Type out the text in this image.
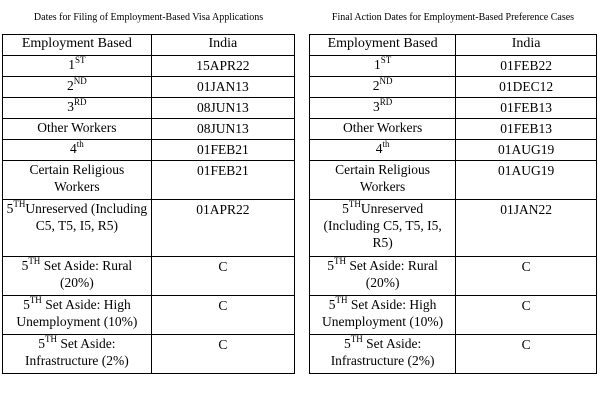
Dates for Filing of Employment-Based Visa Applications
Employment Based	India
1ST	15APR22
2ND	01JAN13
3RD	08JUN13
Other Workers	08JUN13
4th	01FEB21
Certain Religious Workers	01FEB21
5THUnreserved (Including C5, T5, I5, R5)	01APR22
5TH Set Aside: Rural (20%)	C
5TH Set Aside: High Unemployment (10%)	C
5TH Set Aside: Infrastructure (2%)	C
Final Action Dates for Employment-Based Preference Cases
Employment Based	India
1ST	01FEB22
2ND	01DEC12
3RD	01FEB13
Other Workers	01FEB13
4th	01AUG19
Certain Religious Workers	01AUG19
5THUnreserved (Including C5, T5, I5, R5)	01JAN22
5TH Set Aside: Rural (20%)	C
5TH Set Aside: High Unemployment (10%)	C
5TH Set Aside: Infrastructure (2%)	C
